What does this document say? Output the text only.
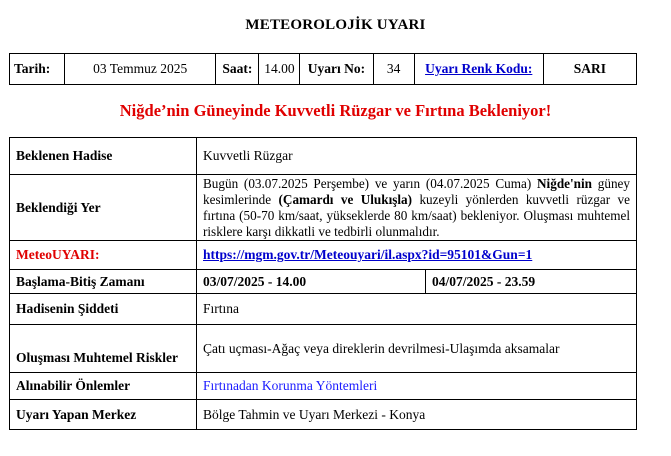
METEOROLOJİK UYARI
Tarih:	03 Temmuz 2025	Saat:	14.00	Uyarı No:	34	Uyarı Renk Kodu:	SARI
Niğde’nin Güneyinde Kuvvetli Rüzgar ve Fırtına Bekleniyor!
Beklenen Hadise	Kuvvetli Rüzgar	
Beklendiği Yer	Bugün (03.07.2025 Perşembe) ve yarın (04.07.2025 Cuma) Niğde'nin güney kesimlerinde (Çamardı ve Ulukışla) kuzeyli yönlerden kuvvetli rüzgar ve fırtına (50-70 km/saat, yükseklerde 80 km/saat) bekleniyor. Oluşması muhtemel risklere karşı dikkatli ve tedbirli olunmalıdır.	
MeteoUYARI:	https://mgm.gov.tr/Meteouyari/il.aspx?id=95101&Gun=1	
Başlama-Bitiş Zamanı	03/07/2025 - 14.00	04/07/2025 - 23.59
Hadisenin Şiddeti	Fırtına	
Oluşması Muhtemel Riskler	Çatı uçması-Ağaç veya direklerin devrilmesi-Ulaşımda aksamalar	
Alınabilir Önlemler	Fırtınadan Korunma Yöntemleri	
Uyarı Yapan Merkez	Bölge Tahmin ve Uyarı Merkezi - Konya	
